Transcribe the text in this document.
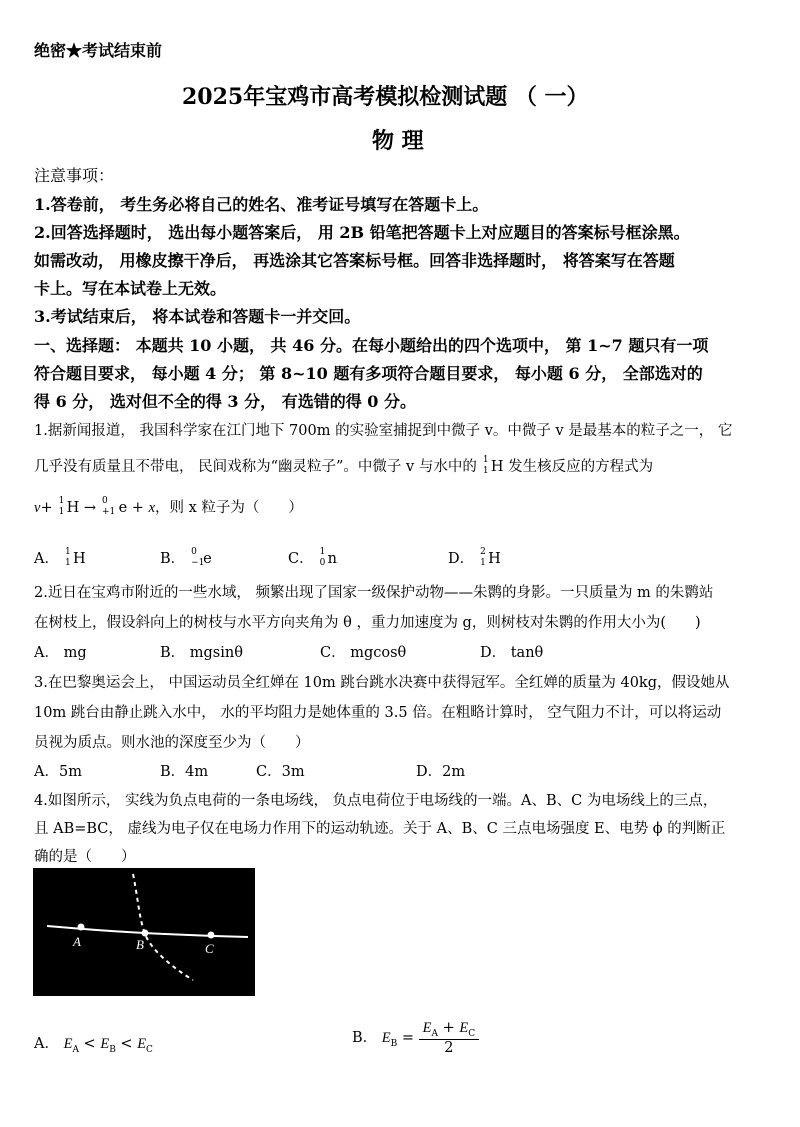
绝密★考试结束前
2025年宝鸡市高考模拟检测试题 （ 一）
物 理
注意事项：
1.答卷前， 考生务必将自己的姓名、准考证号填写在答题卡上。
2.回答选择题时， 选出每小题答案后， 用 2B 铅笔把答题卡上对应题目的答案标号框涂黑。
如需改动， 用橡皮擦干净后， 再选涂其它答案标号框。回答非选择题时， 将答案写在答题
卡上。写在本试卷上无效。
3.考试结束后， 将本试卷和答题卡一并交回。
一、选择题： 本题共 10 小题， 共 46 分。在每小题给出的四个选项中， 第 1~7 题只有一项
符合题目要求， 每小题 4 分； 第 8~10 题有多项符合题目要求， 每小题 6 分， 全部选对的
得 6 分， 选对但不全的得 3 分， 有选错的得 0 分。
1.据新闻报道， 我国科学家在江门地下 700m 的实验室捕捉到中微子 v。中微子 v 是最基本的粒子之一， 它
几乎没有质量且不带电， 民间戏称为“幽灵粒子”。中微子 v 与水中的 1
1 H 发生核反应的方程式为
v+ 1
1 H → 0
+1
e + x，则 x 粒子为（　　）
A． 1
1 H	B． 0
−1
e	C． 1
0 n	D． 2
1 H
2.近日在宝鸡市附近的一些水域， 频繁出现了国家一级保护动物——朱鹮的身影。一只质量为 m 的朱鹮站
在树枝上，假设斜向上的树枝与水平方向夹角为 θ ，重力加速度为 g，则树枝对朱鹮的作用大小为(　　)
A． mg	B． mgsinθ	C． mgcosθ	D． tanθ
3.在巴黎奥运会上， 中国运动员全红婵在 10m 跳台跳水决赛中获得冠军。全红婵的质量为 40kg，假设她从
10m 跳台由静止跳入水中， 水的平均阻力是她体重的 3.5 倍。在粗略计算时， 空气阻力不计，可以将运动
员视为质点。则水池的深度至少为（　　）
A．5m	B．4m	C．3m	D．2m
4.如图所示， 实线为负点电荷的一条电场线， 负点电荷位于电场线的一端。A、B、C 为电场线上的三点，
且 AB=BC， 虚线为电子仅在电场力作用下的运动轨迹。关于 A、B、C 三点电场强度 E、电势 ϕ 的判断正
确的是（　　）
A	B	C
A． $E_A < E_B < E_C$
B． $E_B = \frac{E_A + E_C}{2}$
